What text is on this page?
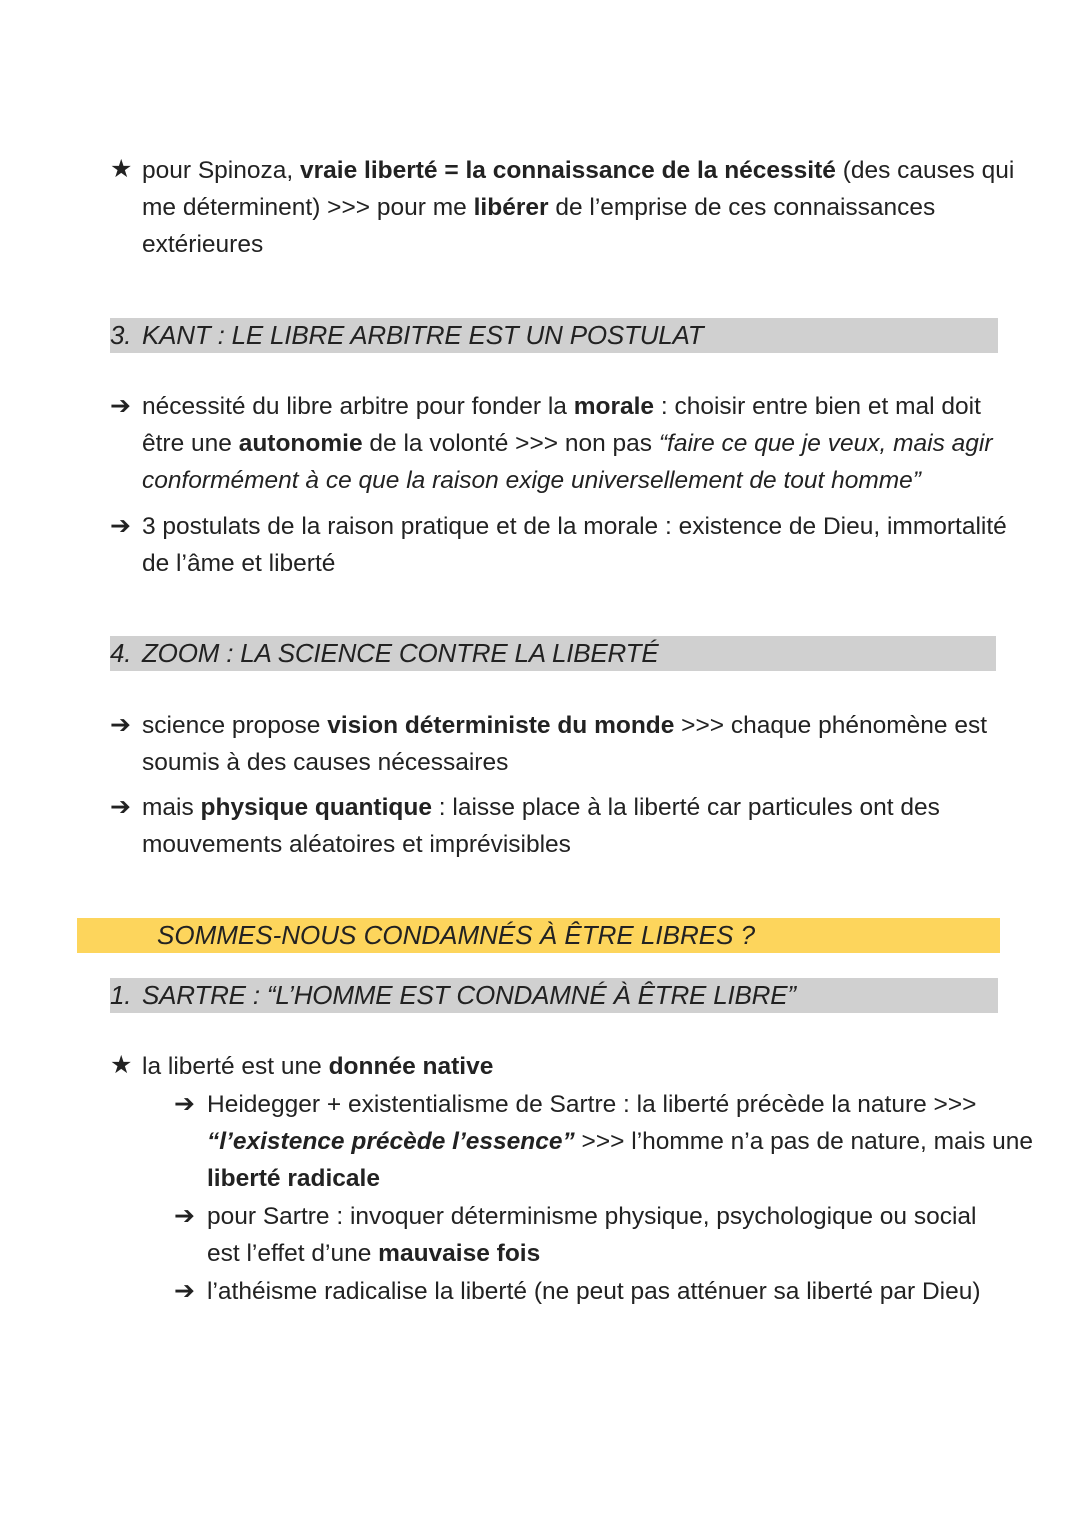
★ pour Spinoza, vraie liberté = la connaissance de la nécessité (des causes qui
me déterminent) >>> pour me libérer de l’emprise de ces connaissances
extérieures
3. KANT : LE LIBRE ARBITRE EST UN POSTULAT
➔ nécessité du libre arbitre pour fonder la morale : choisir entre bien et mal doit
être une autonomie de la volonté >>> non pas “faire ce que je veux, mais agir
conformément à ce que la raison exige universellement de tout homme”
➔ 3 postulats de la raison pratique et de la morale : existence de Dieu, immortalité
de l’âme et liberté
4. ZOOM : LA SCIENCE CONTRE LA LIBERTÉ
➔ science propose vision déterministe du monde >>> chaque phénomène est
soumis à des causes nécessaires
➔ mais physique quantique : laisse place à la liberté car particules ont des
mouvements aléatoires et imprévisibles
SOMMES-NOUS CONDAMNÉS À ÊTRE LIBRES ?
1. SARTRE : “L’HOMME EST CONDAMNÉ À ÊTRE LIBRE”
★ la liberté est une donnée native
➔ Heidegger + existentialisme de Sartre : la liberté précède la nature >>>
“l’existence précède l’essence” >>> l’homme n’a pas de nature, mais une
liberté radicale
➔ pour Sartre : invoquer déterminisme physique, psychologique ou social
est l’effet d’une mauvaise fois
➔ l’athéisme radicalise la liberté (ne peut pas atténuer sa liberté par Dieu)
